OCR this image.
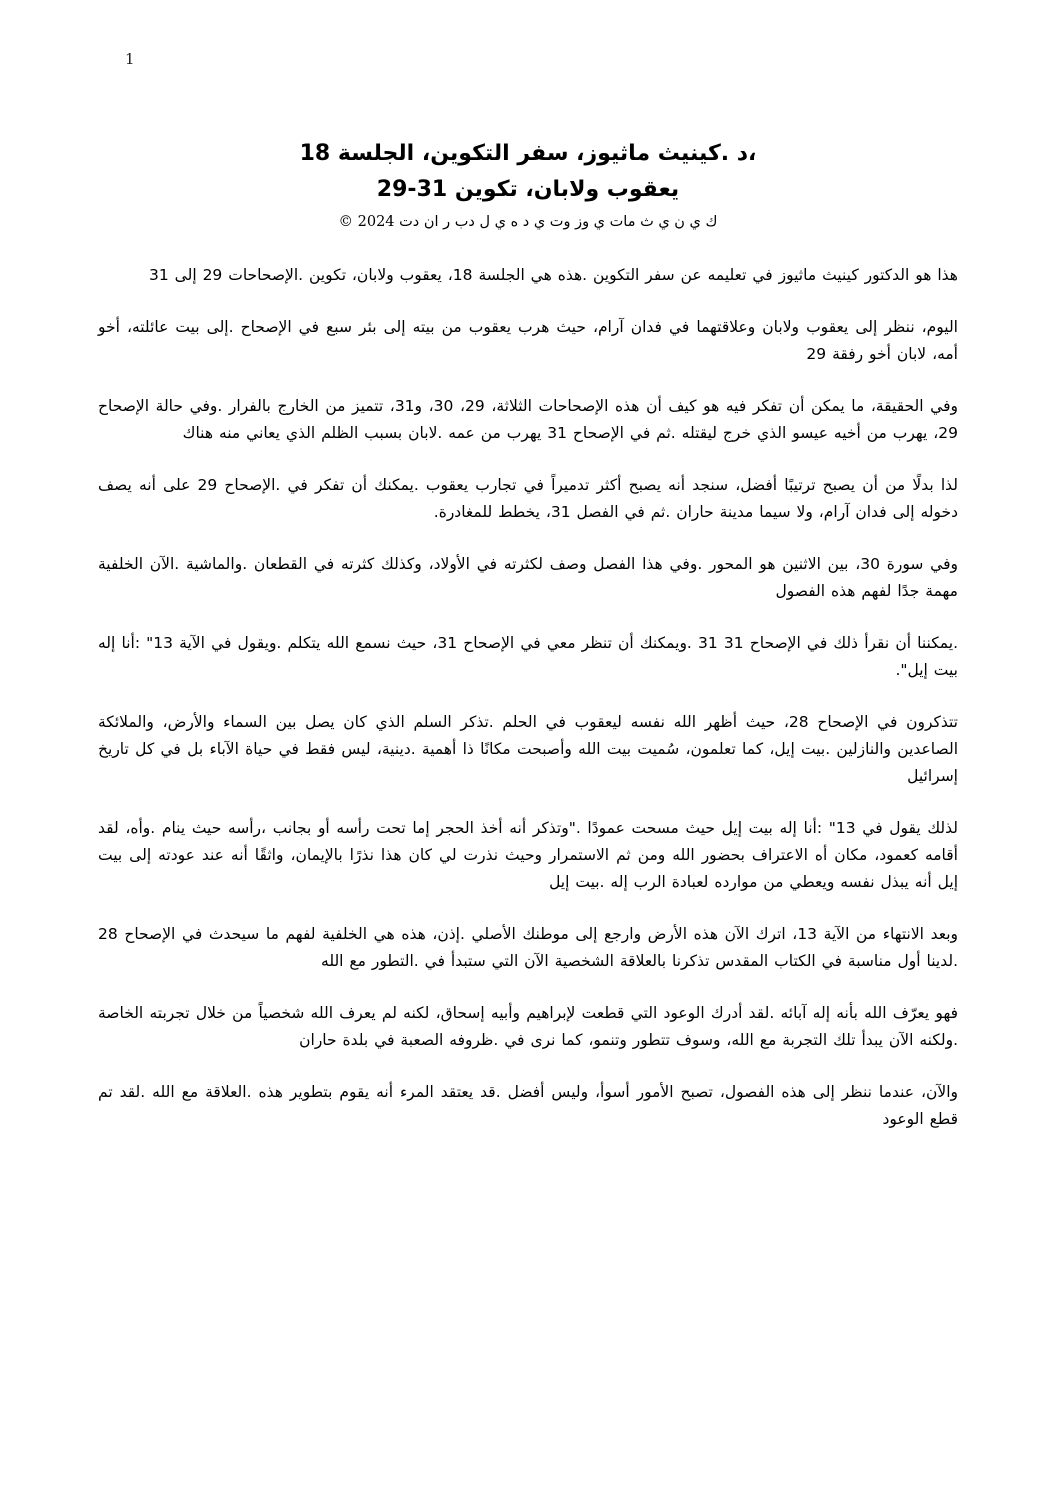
1
،د .كينيث ماثيوز، سفر التكوين، الجلسة 18
يعقوب ولابان، تكوين 31-29
ك ي ن ي ث مات ي وز وت ي د ه ي ل دب ر ان دت 2024 ©

هذا هو الدكتور كينيث ماثيوز في تعليمه عن سفر التكوين .هذه هي الجلسة 18، يعقوب ولابان، تكوين .الإصحاحات 29 إلى 31

اليوم، ننظر إلى يعقوب ولابان وعلاقتهما في فدان آرام، حيث هرب يعقوب من بيته إلى بئر سبع في الإصحاح .إلى بيت عائلته، أخو أمه، لابان أخو رفقة 29

وفي الحقيقة، ما يمكن أن تفكر فيه هو كيف أن هذه الإصحاحات الثلاثة، 29، 30، و31، تتميز من الخارج بالفرار .وفي حالة الإصحاح 29، يهرب من أخيه عيسو الذي خرج ليقتله .ثم في الإصحاح 31 يهرب من عمه .لابان بسبب الظلم الذي يعاني منه هناك

لذا بدلًا من أن يصبح ترتيبًا أفضل، سنجد أنه يصبح أكثر تدميراً في تجارب يعقوب .يمكنك أن تفكر في .الإصحاح 29 على أنه يصف دخوله إلى فدان آرام، ولا سيما مدينة حاران .ثم في الفصل 31، يخطط للمغادرة.

وفي سورة 30، بين الاثنين هو المحور .وفي هذا الفصل وصف لكثرته في الأولاد، وكذلك كثرته في القطعان .والماشية .الآن الخلفية مهمة جدًا لفهم هذه الفصول

.يمكننا أن نقرأ ذلك في الإصحاح 31 31 .ويمكنك أن تنظر معي في الإصحاح 31، حيث نسمع الله يتكلم .ويقول في الآية 13" :أنا إله بيت إيل".

تتذكرون في الإصحاح 28، حيث أظهر الله نفسه ليعقوب في الحلم .تذكر السلم الذي كان يصل بين السماء والأرض، والملائكة الصاعدين والنازلين .بيت إيل، كما تعلمون، سُميت بيت الله وأصبحت مكانًا ذا أهمية .دينية، ليس فقط في حياة الآباء بل في كل تاريخ إسرائيل

لذلك يقول في 13" :أنا إله بيت إيل حيث مسحت عمودًا ."وتذكر أنه أخذ الحجر إما تحت رأسه أو بجانب ،رأسه حيث ينام .وأه، لقد أقامه كعمود، مكان أه الاعتراف بحضور الله ومن ثم الاستمرار وحيث نذرت لي كان هذا نذرًا بالإيمان، واثقًا أنه عند عودته إلى بيت إيل أنه يبذل نفسه ويعطي من موارده لعبادة الرب إله .بيت إيل

وبعد الانتهاء من الآية 13، اترك الآن هذه الأرض وارجع إلى موطنك الأصلي .إذن، هذه هي الخلفية لفهم ما سيحدث في الإصحاح 28 .لدينا أول مناسبة في الكتاب المقدس تذكرنا بالعلاقة الشخصية الآن التي ستبدأ في .التطور مع الله

فهو يعرّف الله بأنه إله آبائه .لقد أدرك الوعود التي قطعت لإبراهيم وأبيه إسحاق، لكنه لم يعرف الله شخصياً من خلال تجربته الخاصة .ولكنه الآن يبدأ تلك التجربة مع الله، وسوف تتطور وتنمو، كما نرى في .ظروفه الصعبة في بلدة حاران

والآن، عندما ننظر إلى هذه الفصول، تصبح الأمور أسوأ، وليس أفضل .قد يعتقد المرء أنه يقوم بتطوير هذه .العلاقة مع الله .لقد تم قطع الوعود
